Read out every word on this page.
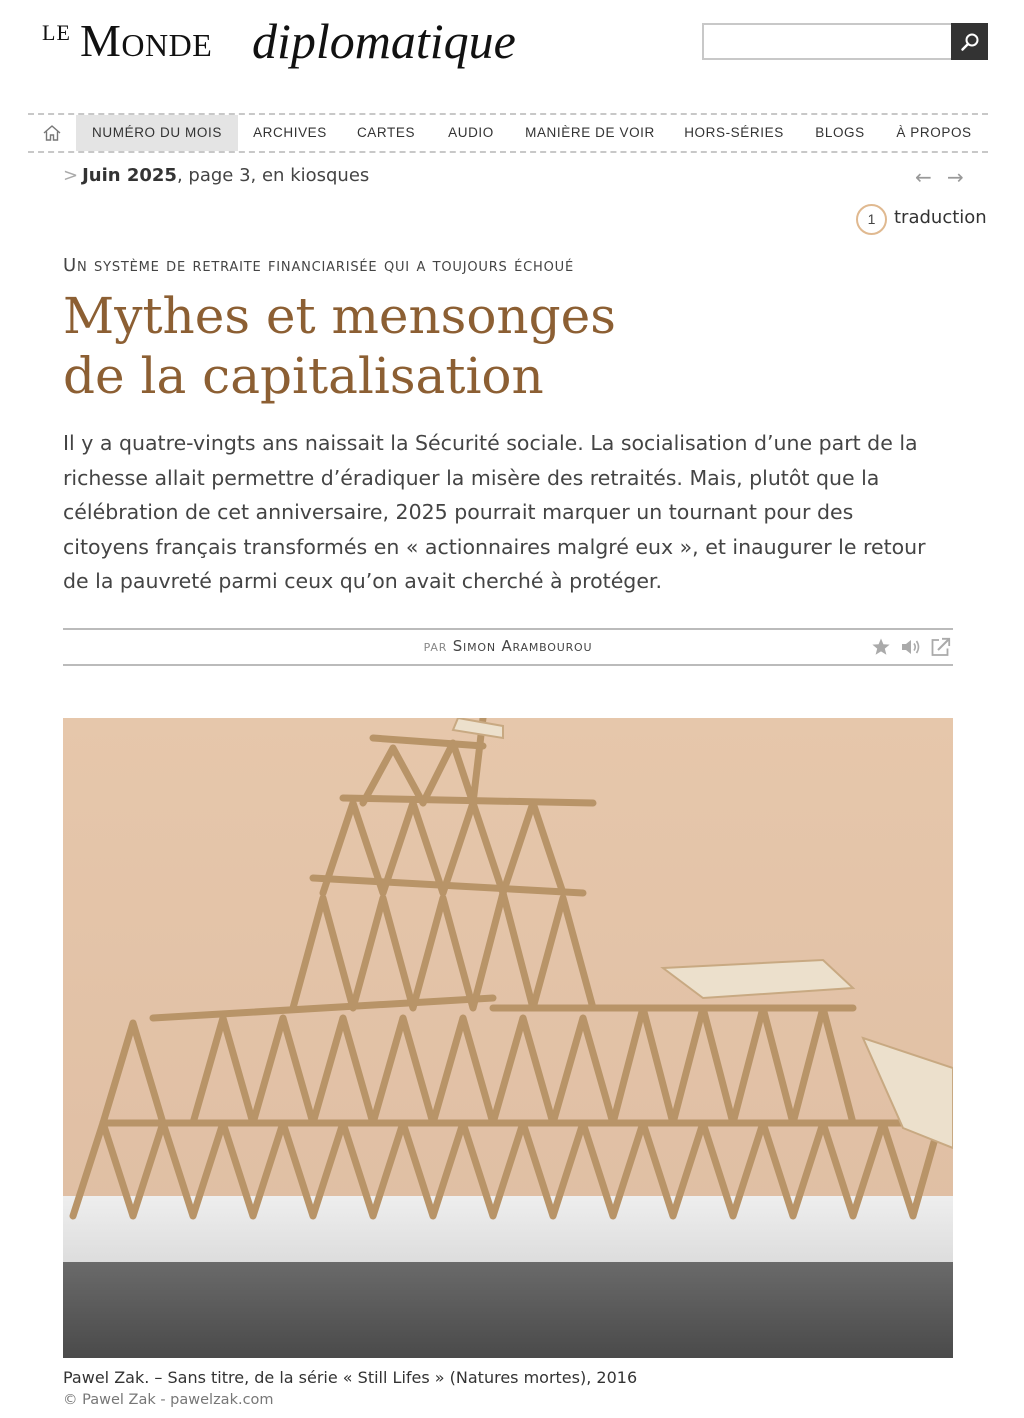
LE Monde diplomatique
NUMÉRO DU MOIS	ARCHIVES	CARTES	AUDIO	MANIÈRE DE VOIR	HORS-SÉRIES	BLOGS	À PROPOS
> Juin 2025, page 3, en kiosques	← →
1	traduction
Un système de retraite financiarisée qui a toujours échoué
Mythes et mensonges
de la capitalisation

Il y a quatre-vingts ans naissait la Sécurité sociale. La socialisation d’une part de la richesse allait permettre d’éradiquer la misère des retraités. Mais, plutôt que la célébration de cet anniversaire, 2025 pourrait marquer un tournant pour des citoyens français transformés en « actionnaires malgré eux », et inaugurer le retour de la pauvreté parmi ceux qu’on avait cherché à protéger.

par Simon Arambourou
Pawel Zak. – Sans titre, de la série « Still Lifes » (Natures mortes), 2016
© Pawel Zak - pawelzak.com
